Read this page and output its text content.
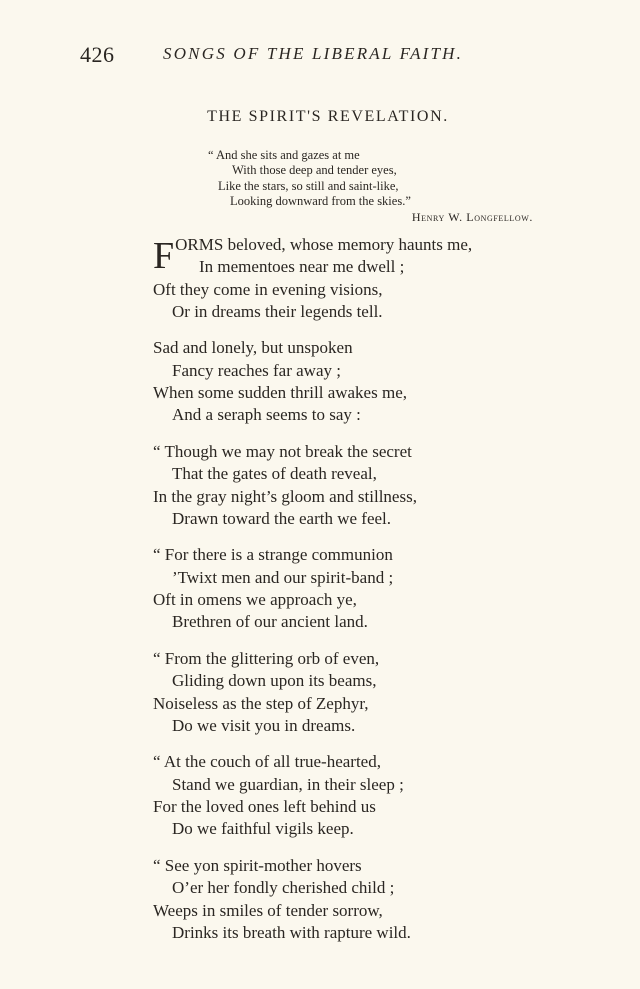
426	SONGS OF THE LIBERAL FAITH.
THE SPIRIT'S REVELATION.
“ And she sits and gazes at me
With those deep and tender eyes,
Like the stars, so still and saint-like,
Looking downward from the skies.”
Henry W. Longfellow.
FORMS beloved, whose memory haunts me,
In mementoes near me dwell ;
Oft they come in evening visions,
Or in dreams their legends tell.
Sad and lonely, but unspoken
Fancy reaches far away ;
When some sudden thrill awakes me,
And a seraph seems to say :
“ Though we may not break the secret
That the gates of death reveal,
In the gray night’s gloom and stillness,
Drawn toward the earth we feel.
“ For there is a strange communion
’Twixt men and our spirit-band ;
Oft in omens we approach ye,
Brethren of our ancient land.
“ From the glittering orb of even,
Gliding down upon its beams,
Noiseless as the step of Zephyr,
Do we visit you in dreams.
“ At the couch of all true-hearted,
Stand we guardian, in their sleep ;
For the loved ones left behind us
Do we faithful vigils keep.
“ See yon spirit-mother hovers
O’er her fondly cherished child ;
Weeps in smiles of tender sorrow,
Drinks its breath with rapture wild.
